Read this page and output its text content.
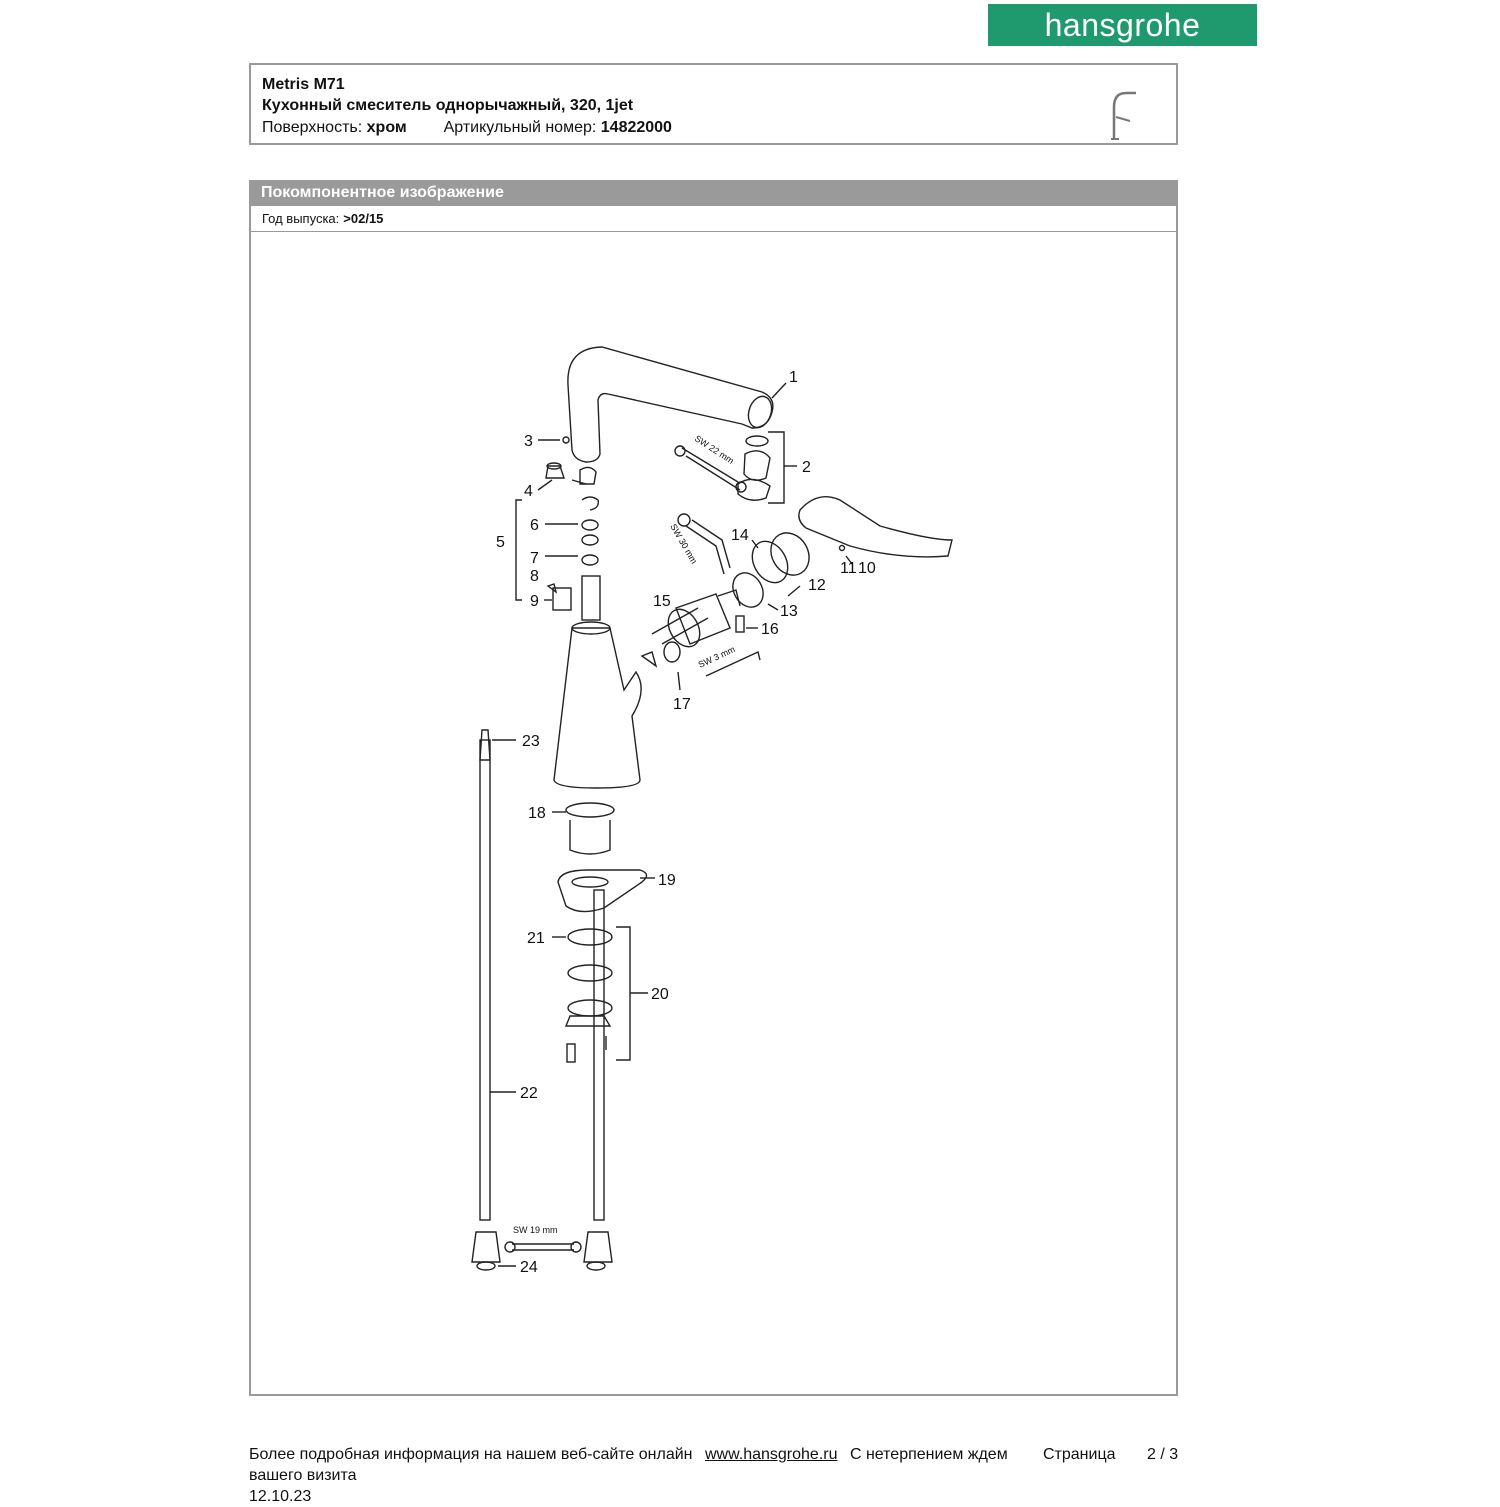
hansgrohe
Metris M71
Кухонный смеситель однорычажный, 320, 1jet
Поверхность: хром Артикульный номер: 14822000
Покомпонентное изображение
Год выпуска: >02/15
1
2
3
4
5
6
7
8
9
10
11
12
13
14
15
16
17
18
19
20
21
22
23
24
SW 22 mm
SW 30 mm
SW 3 mm
SW 19 mm
Более подробная информация на нашем веб-сайте онлайн www.hansgrohe.ru С нетерпением ждем Страница 2 / 3
вашего визита
12.10.23
